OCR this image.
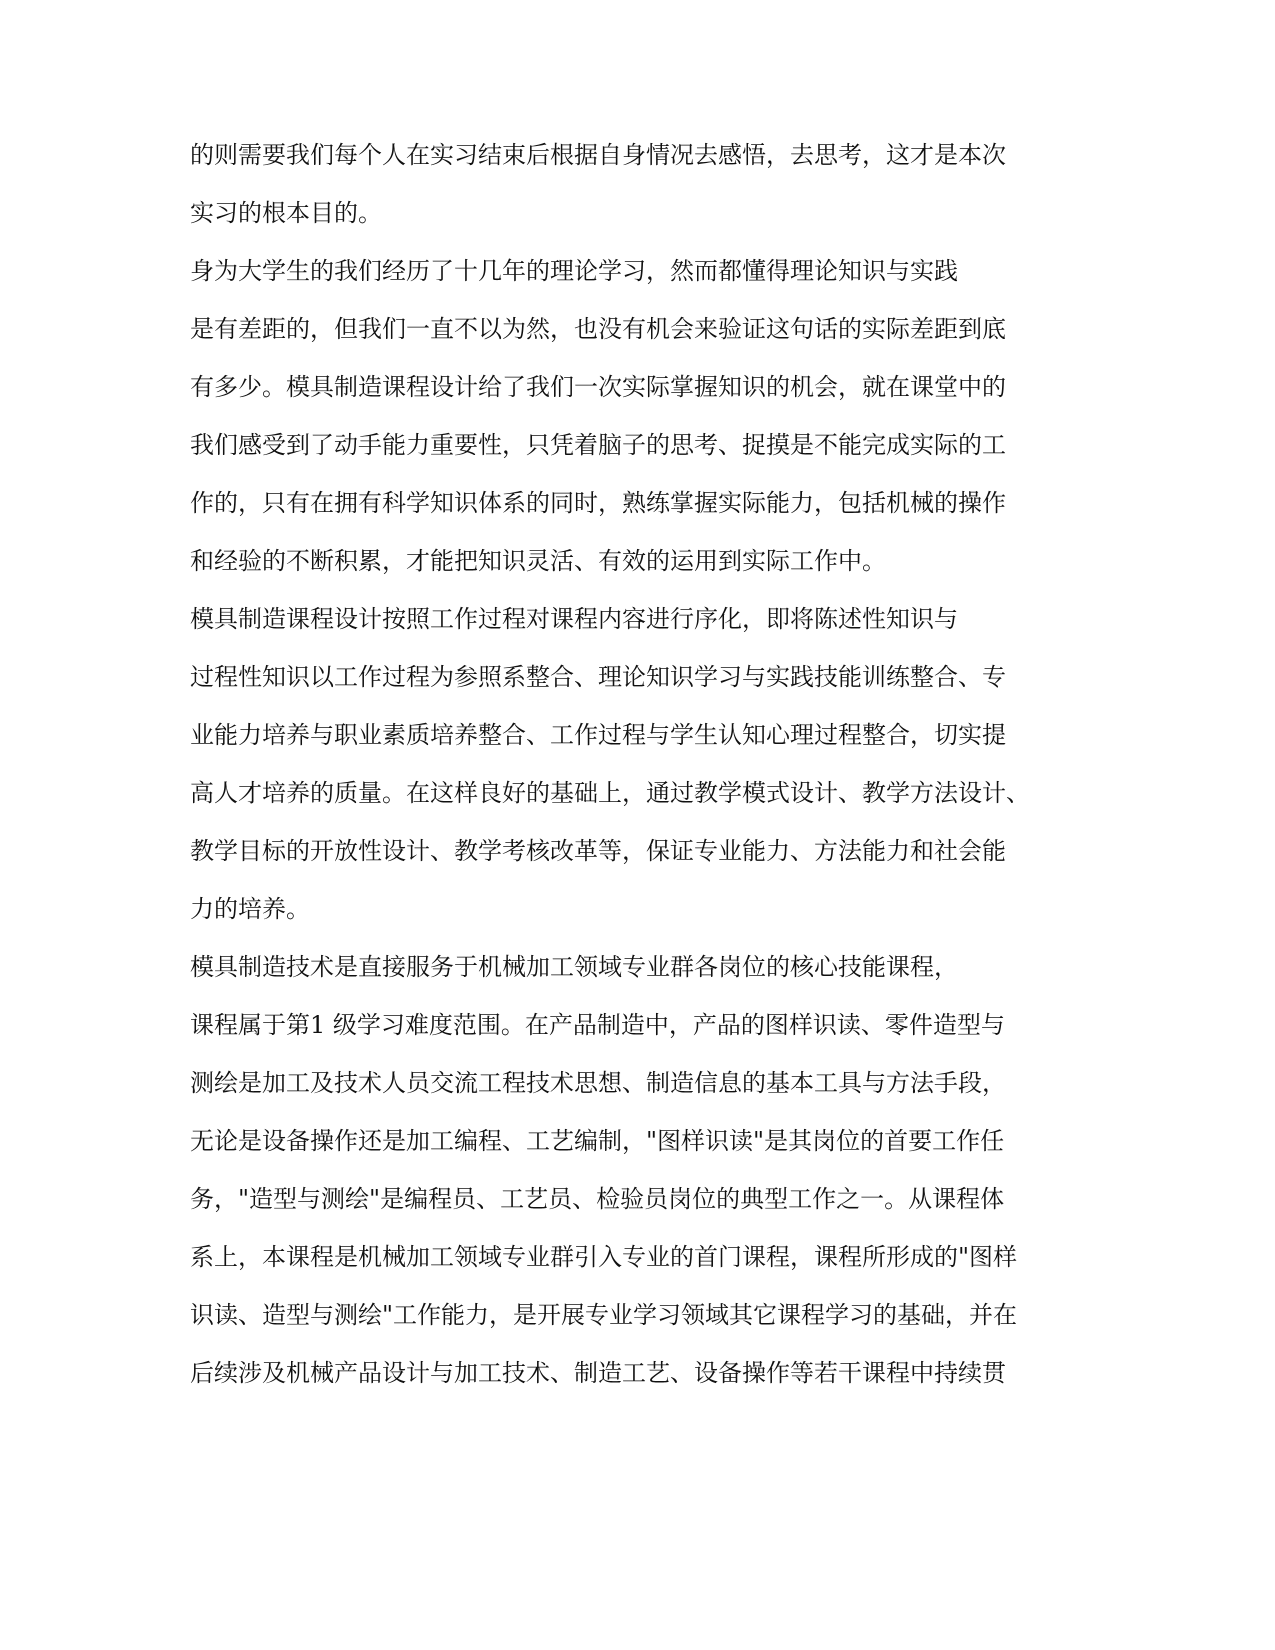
的则需要我们每个人在实习结束后根据自身情况去感悟，去思考，这才是本次
实习的根本目的。
身为大学生的我们经历了十几年的理论学习，然而都懂得理论知识与实践
是有差距的，但我们一直不以为然，也没有机会来验证这句话的实际差距到底
有多少。模具制造课程设计给了我们一次实际掌握知识的机会，就在课堂中的
我们感受到了动手能力重要性，只凭着脑子的思考、捉摸是不能完成实际的工
作的，只有在拥有科学知识体系的同时，熟练掌握实际能力，包括机械的操作
和经验的不断积累，才能把知识灵活、有效的运用到实际工作中。
模具制造课程设计按照工作过程对课程内容进行序化，即将陈述性知识与
过程性知识以工作过程为参照系整合、理论知识学习与实践技能训练整合、专
业能力培养与职业素质培养整合、工作过程与学生认知心理过程整合，切实提
高人才培养的质量。在这样良好的基础上，通过教学模式设计、教学方法设计、
教学目标的开放性设计、教学考核改革等，保证专业能力、方法能力和社会能
力的培养。
模具制造技术是直接服务于机械加工领域专业群各岗位的核心技能课程，
课程属于第1 级学习难度范围。在产品制造中，产品的图样识读、零件造型与
测绘是加工及技术人员交流工程技术思想、制造信息的基本工具与方法手段，
无论是设备操作还是加工编程、工艺编制，"图样识读"是其岗位的首要工作任
务，"造型与测绘"是编程员、工艺员、检验员岗位的典型工作之一。从课程体
系上，本课程是机械加工领域专业群引入专业的首门课程，课程所形成的"图样
识读、造型与测绘"工作能力，是开展专业学习领域其它课程学习的基础，并在
后续涉及机械产品设计与加工技术、制造工艺、设备操作等若干课程中持续贯
